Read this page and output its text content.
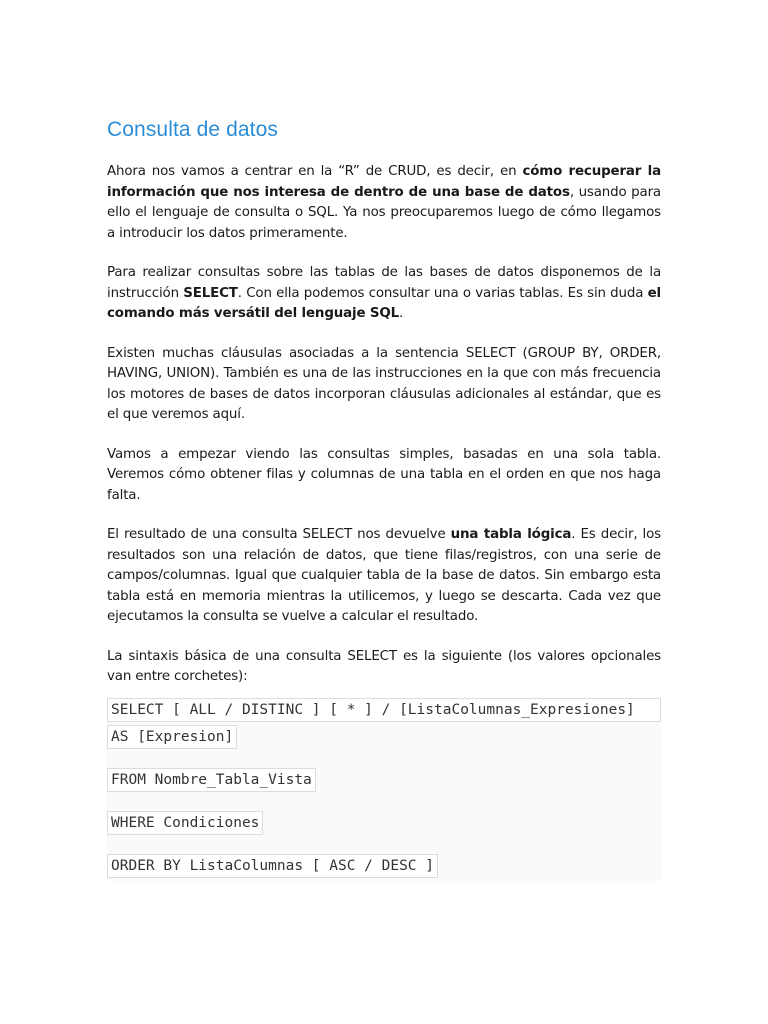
Consulta de datos

Ahora nos vamos a centrar en la “R” de CRUD, es decir, en cómo recuperar la información que nos interesa de dentro de una base de datos, usando para ello el lenguaje de consulta o SQL. Ya nos preocuparemos luego de cómo llegamos a introducir los datos primeramente.

Para realizar consultas sobre las tablas de las bases de datos disponemos de la instrucción SELECT. Con ella podemos consultar una o varias tablas. Es sin duda el comando más versátil del lenguaje SQL.

Existen muchas cláusulas asociadas a la sentencia SELECT (GROUP BY, ORDER, HAVING, UNION). También es una de las instrucciones en la que con más frecuencia los motores de bases de datos incorporan cláusulas adicionales al estándar, que es el que veremos aquí.

Vamos a empezar viendo las consultas simples, basadas en una sola tabla. Veremos cómo obtener filas y columnas de una tabla en el orden en que nos haga falta.

El resultado de una consulta SELECT nos devuelve una tabla lógica. Es decir, los resultados son una relación de datos, que tiene filas/registros, con una serie de campos/columnas. Igual que cualquier tabla de la base de datos. Sin embargo esta tabla está en memoria mientras la utilicemos, y luego se descarta. Cada vez que ejecutamos la consulta se vuelve a calcular el resultado.

La sintaxis básica de una consulta SELECT es la siguiente (los valores opcionales van entre corchetes):

SELECT [ ALL / DISTINC ] [ * ] / [ListaColumnas_Expresiones]
AS [Expresion]
FROM Nombre_Tabla_Vista
WHERE Condiciones
ORDER BY ListaColumnas [ ASC / DESC ]
